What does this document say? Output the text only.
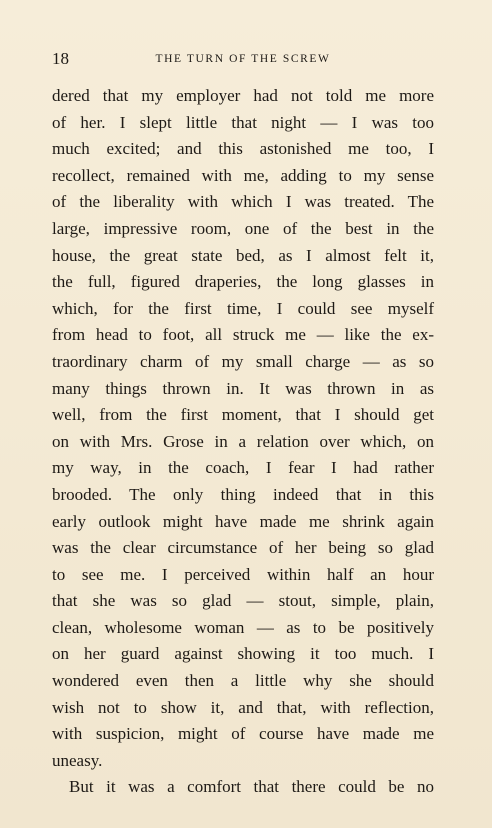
18	THE TURN OF THE SCREW
dered that my employer had not told me more
of her. I slept little that night — I was too
much excited; and this astonished me too, I
recollect, remained with me, adding to my sense
of the liberality with which I was treated. The
large, impressive room, one of the best in the
house, the great state bed, as I almost felt it,
the full, figured draperies, the long glasses in
which, for the first time, I could see myself
from head to foot, all struck me — like the ex-
traordinary charm of my small charge — as so
many things thrown in. It was thrown in as
well, from the first moment, that I should get
on with Mrs. Grose in a relation over which, on
my way, in the coach, I fear I had rather
brooded. The only thing indeed that in this
early outlook might have made me shrink again
was the clear circumstance of her being so glad
to see me. I perceived within half an hour
that she was so glad — stout, simple, plain,
clean, wholesome woman — as to be positively
on her guard against showing it too much. I
wondered even then a little why she should
wish not to show it, and that, with reflection,
with suspicion, might of course have made me
uneasy.
But it was a comfort that there could be no
